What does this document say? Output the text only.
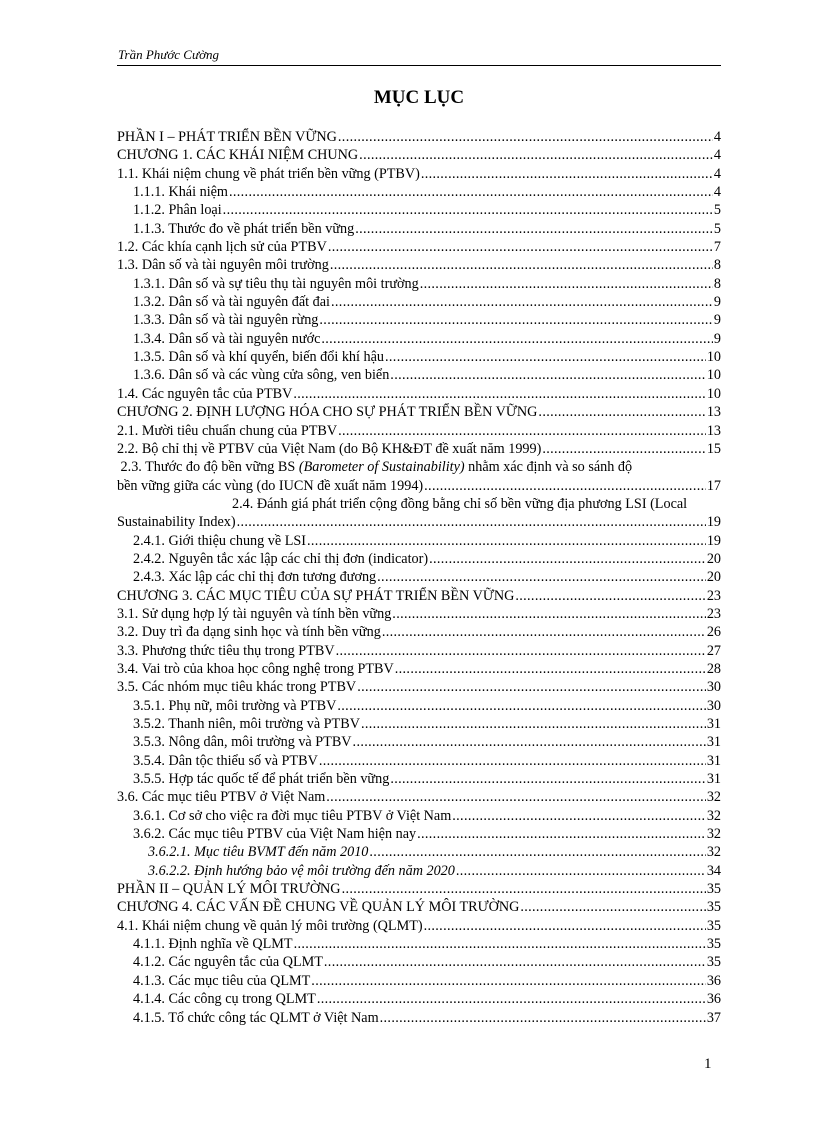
Trần Phước Cường
MỤC LỤC
PHẦN I – PHÁT TRIỂN BỀN VỮNG . . .	4
CHƯƠNG 1. CÁC KHÁI NIỆM CHUNG . . .	4
1.1. Khái niệm chung về phát triển bền vững (PTBV) . . .	4
1.1.1. Khái niệm . . .	4
1.1.2. Phân loại . . .	5
1.1.3. Thước đo về phát triển bền vững . . .	5
1.2. Các khía cạnh lịch sử của PTBV . . .	7
1.3. Dân số và tài nguyên môi trường . . .	8
1.3.1. Dân số và sự tiêu thụ tài nguyên môi trường . . .	8
1.3.2. Dân số và tài nguyên đất đai . . .	9
1.3.3. Dân số và tài nguyên rừng . . .	9
1.3.4. Dân số và tài nguyên nước . . .	9
1.3.5. Dân số và khí quyển, biến đổi khí hậu . . .	10
1.3.6. Dân số và các vùng cửa sông, ven biển . . .	10
1.4. Các nguyên tắc của PTBV . . .	10
CHƯƠNG 2. ĐỊNH LƯỢNG HÓA CHO SỰ PHÁT TRIỂN BỀN VỮNG . . .	13
2.1. Mười tiêu chuẩn chung của PTBV . . .	13
2.2. Bộ chỉ thị về PTBV của Việt Nam (do Bộ KH&ĐT đề xuất năm 1999) . . .	15
2.3. Thước đo độ bền vững BS (Barometer of Sustainability) nhằm xác định và so sánh độ
bền vững giữa các vùng (do IUCN đề xuất năm 1994) . . .	17
2.4. Đánh giá phát triển cộng đồng bằng chỉ số bền vững địa phương LSI (Local
Sustainability Index) . . .	19
2.4.1. Giới thiệu chung về LSI . . .	19
2.4.2. Nguyên tắc xác lập các chỉ thị đơn (indicator) . . .	20
2.4.3. Xác lập các chỉ thị đơn tương đương . . .	20
CHƯƠNG 3. CÁC MỤC TIÊU CỦA SỰ PHÁT TRIỂN BỀN VỮNG . . .	23
3.1. Sử dụng hợp lý tài nguyên và tính bền vững . . .	23
3.2. Duy trì đa dạng sinh học và tính bền vững . . .	26
3.3. Phương thức tiêu thụ trong PTBV . . .	27
3.4. Vai trò của khoa học công nghệ trong PTBV . . .	28
3.5. Các nhóm mục tiêu khác trong PTBV . . .	30
3.5.1. Phụ nữ, môi trường và PTBV . . .	30
3.5.2. Thanh niên, môi trường và PTBV . . .	31
3.5.3. Nông dân, môi trường và PTBV . . .	31
3.5.4. Dân tộc thiểu số và PTBV . . .	31
3.5.5. Hợp tác quốc tế để phát triển bền vững . . .	31
3.6. Các mục tiêu PTBV ở Việt Nam . . .	32
3.6.1. Cơ sở cho việc ra đời mục tiêu PTBV ở Việt Nam . . .	32
3.6.2. Các mục tiêu PTBV của Việt Nam hiện nay . . .	32
3.6.2.1. Mục tiêu BVMT đến năm 2010 . . .	32
3.6.2.2. Định hướng bảo vệ môi trường đến năm 2020 . . .	34
PHẦN II – QUẢN LÝ MÔI TRƯỜNG . . .	35
CHƯƠNG 4. CÁC VẤN ĐỀ CHUNG VỀ QUẢN LÝ MÔI TRƯỜNG . . .	35
4.1. Khái niệm chung về quản lý môi trường (QLMT) . . .	35
4.1.1. Định nghĩa về QLMT . . .	35
4.1.2. Các nguyên tắc của QLMT . . .	35
4.1.3. Các mục tiêu của QLMT . . .	36
4.1.4. Các công cụ trong QLMT . . .	36
4.1.5. Tổ chức công tác QLMT ở Việt Nam . . .	37
1
